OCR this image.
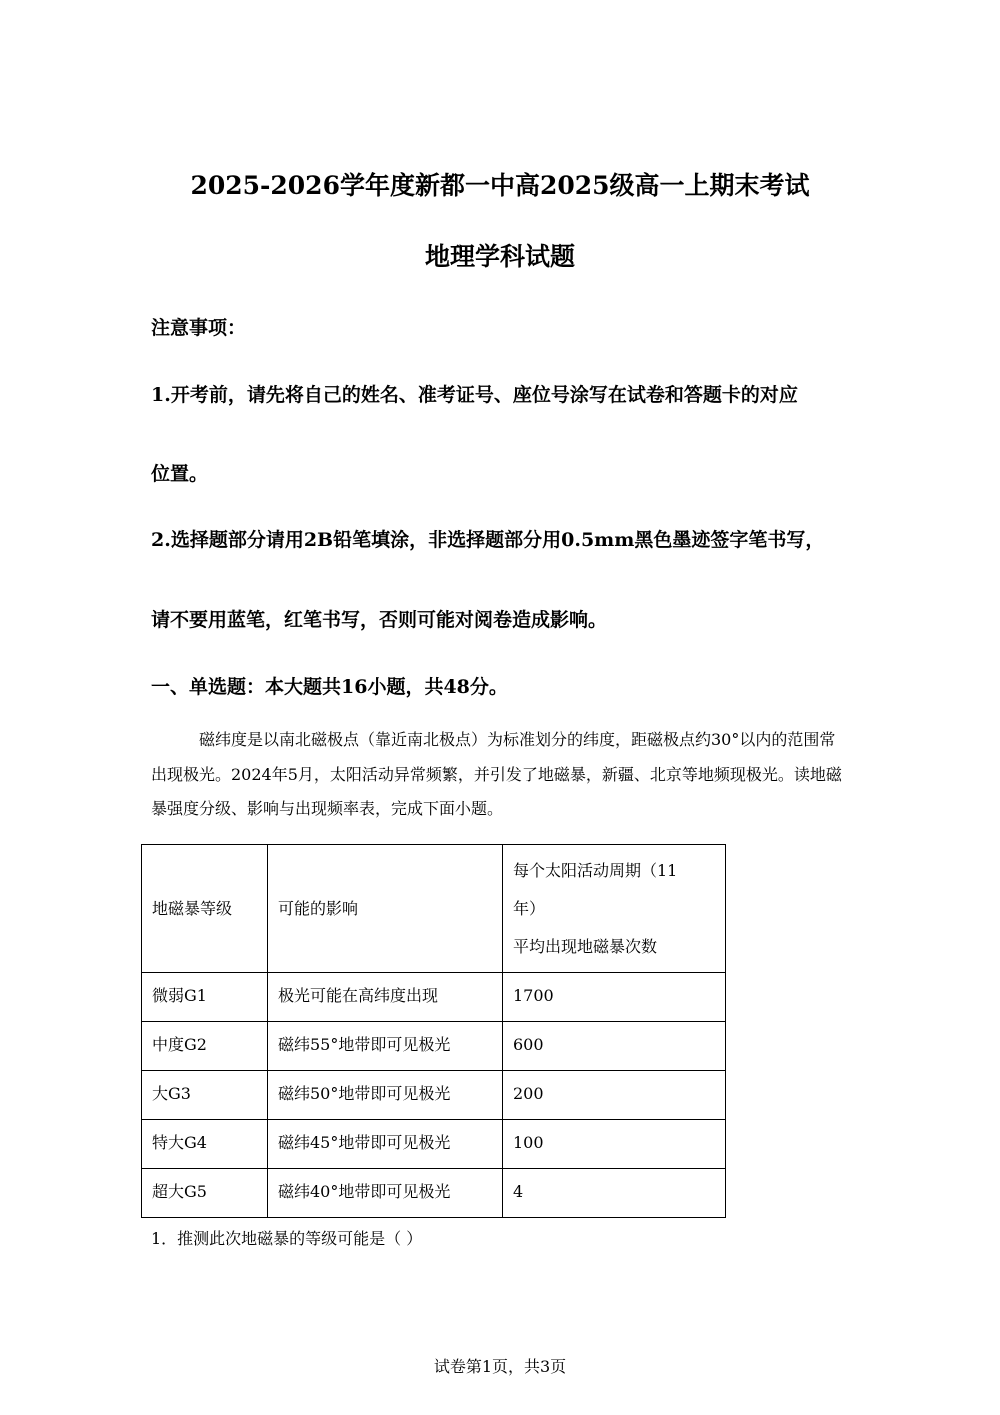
2025-2026学年度新都一中高2025级高一上期末考试
地理学科试题
注意事项：
1.开考前，请先将自己的姓名、准考证号、座位号涂写在试卷和答题卡的对应
位置。
2.选择题部分请用2B铅笔填涂，非选择题部分用0.5mm黑色墨迹签字笔书写，
请不要用蓝笔，红笔书写，否则可能对阅卷造成影响。
一、单选题：本大题共16小题，共48分。
磁纬度是以南北磁极点（靠近南北极点）为标准划分的纬度，距磁极点约30°以内的范围常出现极光。2024年5月，太阳活动异常频繁，并引发了地磁暴，新疆、北京等地频现极光。读地磁暴强度分级、影响与出现频率表，完成下面小题。
地磁暴等级	可能的影响	每个太阳活动周期（11
年）
平均出现地磁暴次数

微弱G1	极光可能在高纬度出现	1700
中度G2	磁纬55°地带即可见极光	600
大G3	磁纬50°地带即可见极光	200
特大G4	磁纬45°地带即可见极光	100
超大G5	磁纬40°地带即可见极光	4
1．推测此次地磁暴的等级可能是（ ）
试卷第1页，共3页
